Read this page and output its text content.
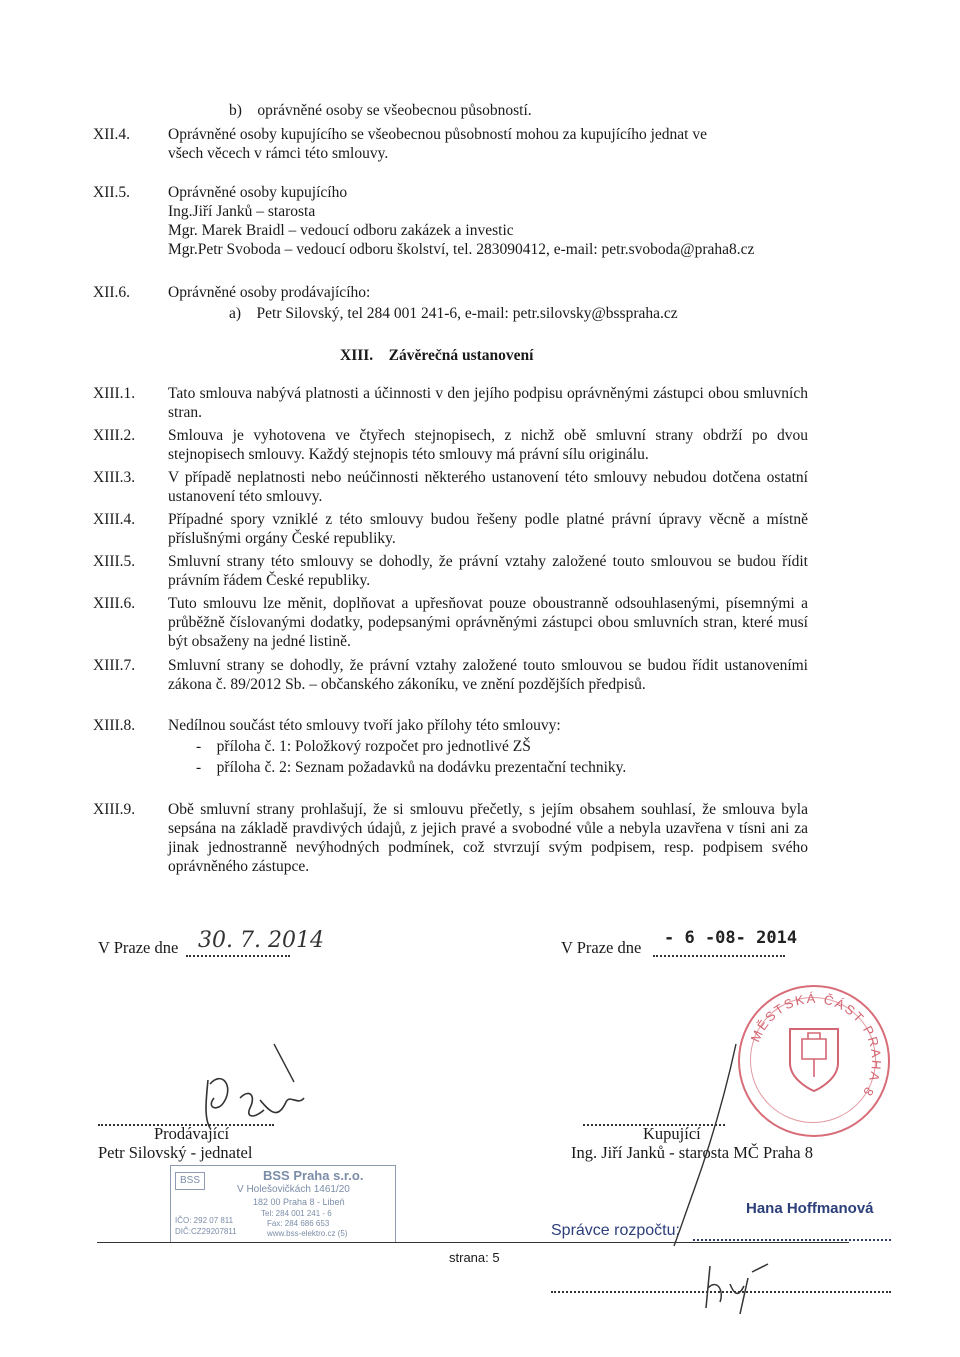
b) oprávněné osoby se všeobecnou působností.
XII.4. Oprávněné osoby kupujícího se všeobecnou působností mohou za kupujícího jednat ve
všech věcech v rámci této smlouvy.
XII.5. Oprávněné osoby kupujícího
Ing.Jiří Janků – starosta
Mgr. Marek Braidl – vedoucí odboru zakázek a investic
Mgr.Petr Svoboda – vedoucí odboru školství, tel. 283090412, e-mail: petr.svoboda@praha8.cz
XII.6. Oprávněné osoby prodávajícího:
a) Petr Silovský, tel 284 001 241-6, e-mail: petr.silovsky@bsspraha.cz
XIII. Závěrečná ustanovení
XIII.1. Tato smlouva nabývá platnosti a účinnosti v den jejího podpisu oprávněnými zástupci obou smluvních stran.
XIII.2. Smlouva je vyhotovena ve čtyřech stejnopisech, z nichž obě smluvní strany obdrží po dvou stejnopisech smlouvy. Každý stejnopis této smlouvy má právní sílu originálu.
XIII.3. V případě neplatnosti nebo neúčinnosti některého ustanovení této smlouvy nebudou dotčena ostatní ustanovení této smlouvy.
XIII.4. Případné spory vzniklé z této smlouvy budou řešeny podle platné právní úpravy věcně a místně příslušnými orgány České republiky.
XIII.5. Smluvní strany této smlouvy se dohodly, že právní vztahy založené touto smlouvou se budou řídit právním řádem České republiky.
XIII.6. Tuto smlouvu lze měnit, doplňovat a upřesňovat pouze oboustranně odsouhlasenými, písemnými a průběžně číslovanými dodatky, podepsanými oprávněnými zástupci obou smluvních stran, které musí být obsaženy na jedné listině.
XIII.7. Smluvní strany se dohodly, že právní vztahy založené touto smlouvou se budou řídit ustanoveními zákona č. 89/2012 Sb. – občanského zákoníku, ve znění pozdějších předpisů.
XIII.8. Nedílnou součást této smlouvy tvoří jako přílohy této smlouvy:
- příloha č. 1: Položkový rozpočet pro jednotlivé ZŠ
- příloha č. 2: Seznam požadavků na dodávku prezentační techniky.
XIII.9. Obě smluvní strany prohlašují, že si smlouvu přečetly, s jejím obsahem souhlasí, že smlouva byla sepsána na základě pravdivých údajů, z jejich pravé a svobodné vůle a nebyla uzavřena v tísni ani za jinak jednostranně nevýhodných podmínek, což stvrzují svým podpisem, resp. podpisem svého oprávněného zástupce.
V Praze dne 30. 7. 2014	V Praze dne - 6 -08- 2014
Prodávající
Petr Silovský - jednatel
BSS	BSS Praha s.r.o.
V Holešovičkách 1461/20
182 00 Praha 8 - Libeň
Tel: 284 001 241 - 6
Fax: 284 686 653
www.bss-elektro.cz (5)
IČO: 292 07 811
DIČ:CZ29207811
MĚSTSKÁ ČÁST PRAHA 8
Kupující
Ing. Jiří Janků - starosta MČ Praha 8
Hana Hoffmanová
Správce rozpočtu:
strana: 5
